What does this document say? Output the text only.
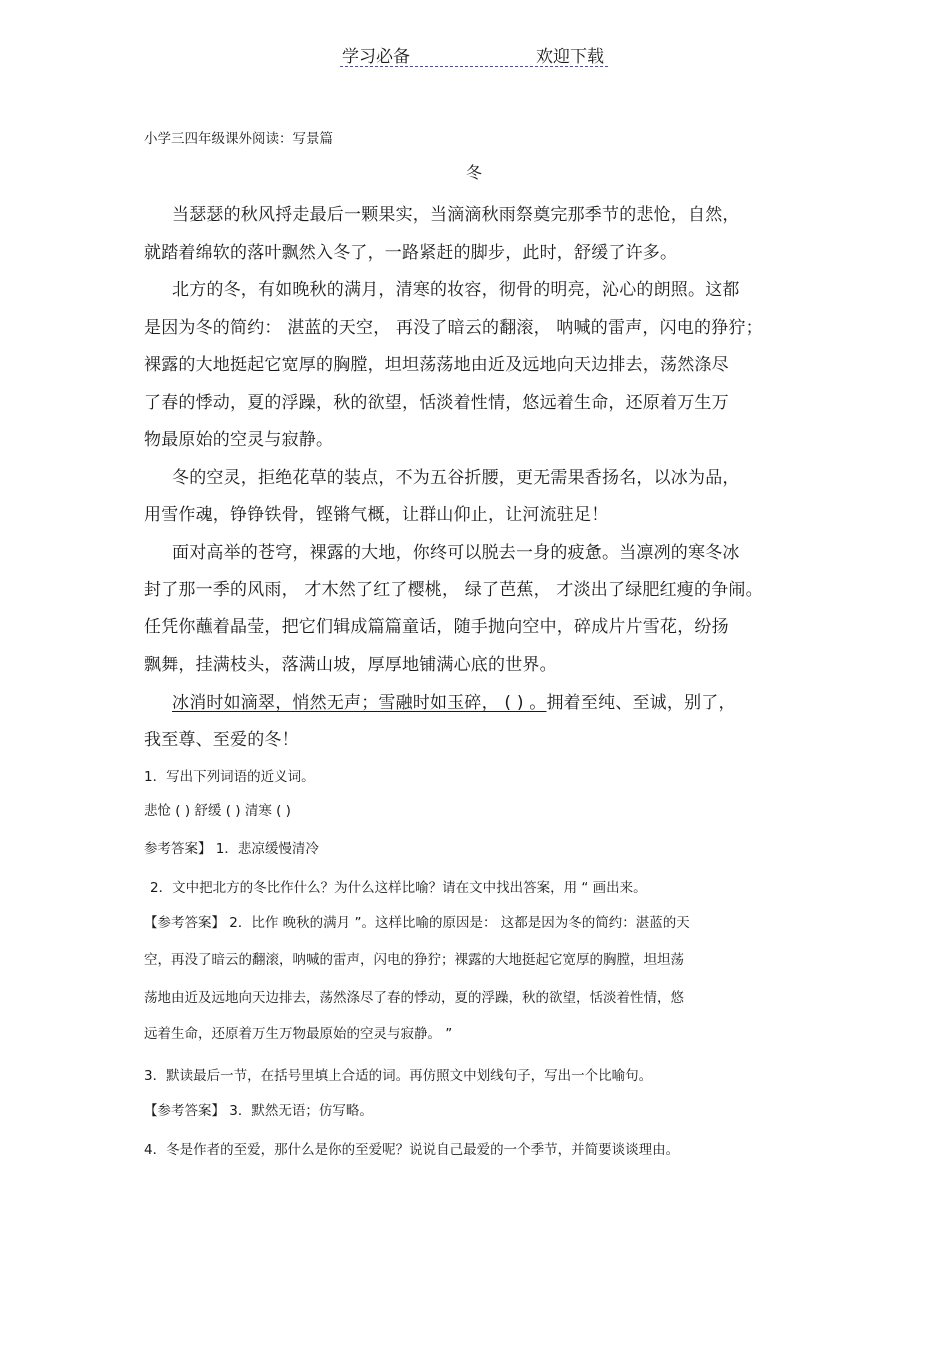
学习必备	欢迎下载
小学三四年级课外阅读：写景篇
冬
当瑟瑟的秋风捋走最后一颗果实，当滴滴秋雨祭奠完那季节的悲怆，自然，
就踏着绵软的落叶飘然入冬了，一路紧赶的脚步，此时，舒缓了许多。
北方的冬，有如晚秋的满月，清寒的妆容，彻骨的明亮，沁心的朗照。这都
是因为冬的简约： 湛蓝的天空， 再没了暗云的翻滚， 呐喊的雷声，闪电的狰狞；
裸露的大地挺起它宽厚的胸膛，坦坦荡荡地由近及远地向天边排去，荡然涤尽
了春的悸动，夏的浮躁，秋的欲望，恬淡着性情，悠远着生命，还原着万生万
物最原始的空灵与寂静。
冬的空灵，拒绝花草的装点，不为五谷折腰，更无需果香扬名，以冰为品，
用雪作魂，铮铮铁骨，铿锵气概，让群山仰止，让河流驻足！
面对高举的苍穹，裸露的大地，你终可以脱去一身的疲惫。当凛冽的寒冬冰
封了那一季的风雨， 才木然了红了樱桃， 绿了芭蕉， 才淡出了绿肥红瘦的争闹。
任凭你蘸着晶莹，把它们辑成篇篇童话，随手抛向空中，碎成片片雪花，纷扬
飘舞，挂满枝头，落满山坡，厚厚地铺满心底的世界。
冰消时如滴翠，悄然无声；雪融时如玉碎， ( ) 。拥着至纯、至诚，别了，
我至尊、至爱的冬！
1．写出下列词语的近义词。
悲怆 ( ) 舒缓 ( ) 清寒 ( )
参考答案】 1．悲凉缓慢清冷
2．文中把北方的冬比作什么？为什么这样比喻？请在文中找出答案，用 “ 画出来。
【参考答案】 2．比作 晚秋的满月 ”。这样比喻的原因是： 这都是因为冬的简约：湛蓝的天
空，再没了暗云的翻滚，呐喊的雷声，闪电的狰狞；裸露的大地挺起它宽厚的胸膛，坦坦荡
荡地由近及远地向天边排去，荡然涤尽了春的悸动，夏的浮躁，秋的欲望，恬淡着性情，悠
远着生命，还原着万生万物最原始的空灵与寂静。 ”
3．默读最后一节，在括号里填上合适的词。再仿照文中划线句子，写出一个比喻句。
【参考答案】 3．默然无语；仿写略。
4．冬是作者的至爱，那什么是你的至爱呢？说说自己最爱的一个季节，并简要谈谈理由。
